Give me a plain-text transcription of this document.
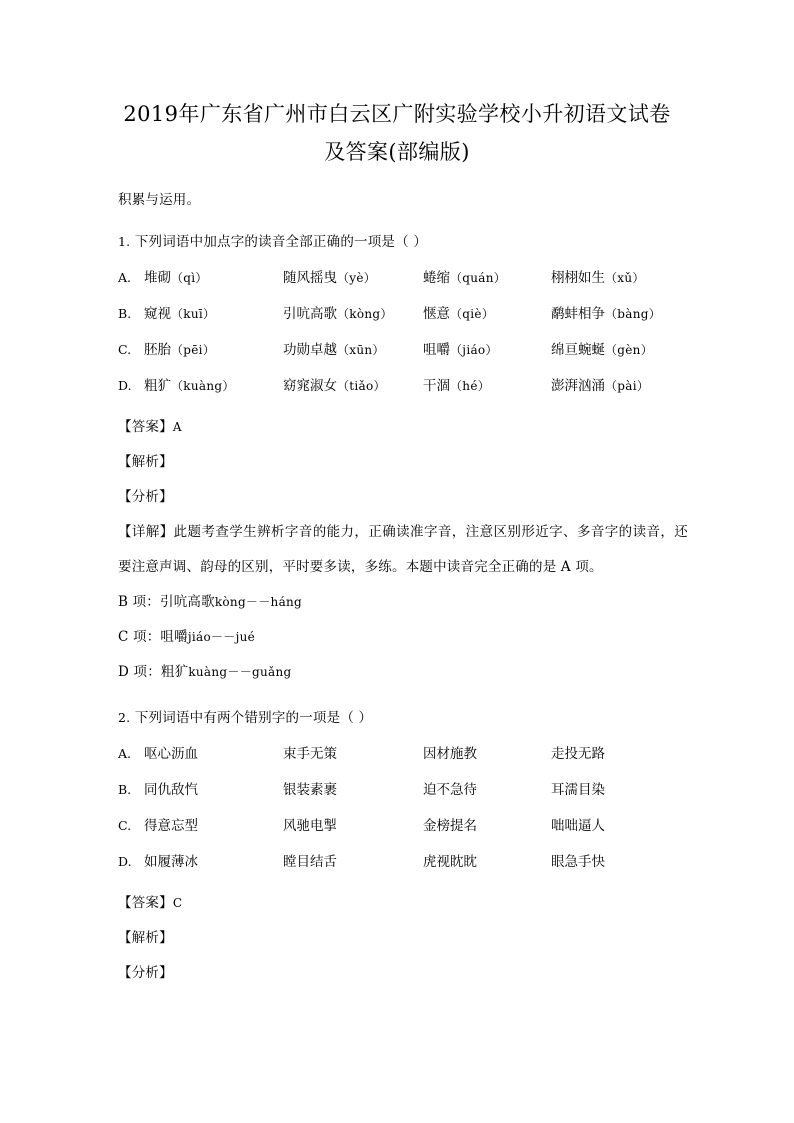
2019年广东省广州市白云区广附实验学校小升初语文试卷
及答案(部编版)
积累与运用。
1. 下列词语中加点字的读音全部正确的一项是（ ）
A. 堆砌（qì）	随风摇曳（yè）	蜷缩（quán）	栩栩如生（xǔ）
B. 窥视（kuī）	引吭高歌（kòng）	惬意（qiè）	鹬蚌相争（bàng）
C. 胚胎（pēi）	功勋卓越（xūn）	咀嚼（jiáo）	绵亘蜿蜒（gèn）
D. 粗犷（kuàng）	窈窕淑女（tiǎo）	干涸（hé）	澎湃汹涌（pài）
【答案】A
【解析】
【分析】

【详解】此题考查学生辨析字音的能力，正确读准字音，注意区别形近字、多音字的读音，还要注意声调、韵母的区别，平时要多读，多练。本题中读音完全正确的是 A 项。

B 项：引吭高歌kòng－－háng
C 项：咀嚼jiáo－－jué
D 项：粗犷kuàng－－guǎng
2. 下列词语中有两个错别字的一项是（ ）
A. 呕心沥血	束手无策	因材施教	走投无路
B. 同仇敌忾	银装素裹	迫不急待	耳濡目染
C. 得意忘型	风驰电掣	金榜提名	咄咄逼人
D. 如履薄冰	瞠目结舌	虎视眈眈	眼急手快
【答案】C
【解析】
【分析】
